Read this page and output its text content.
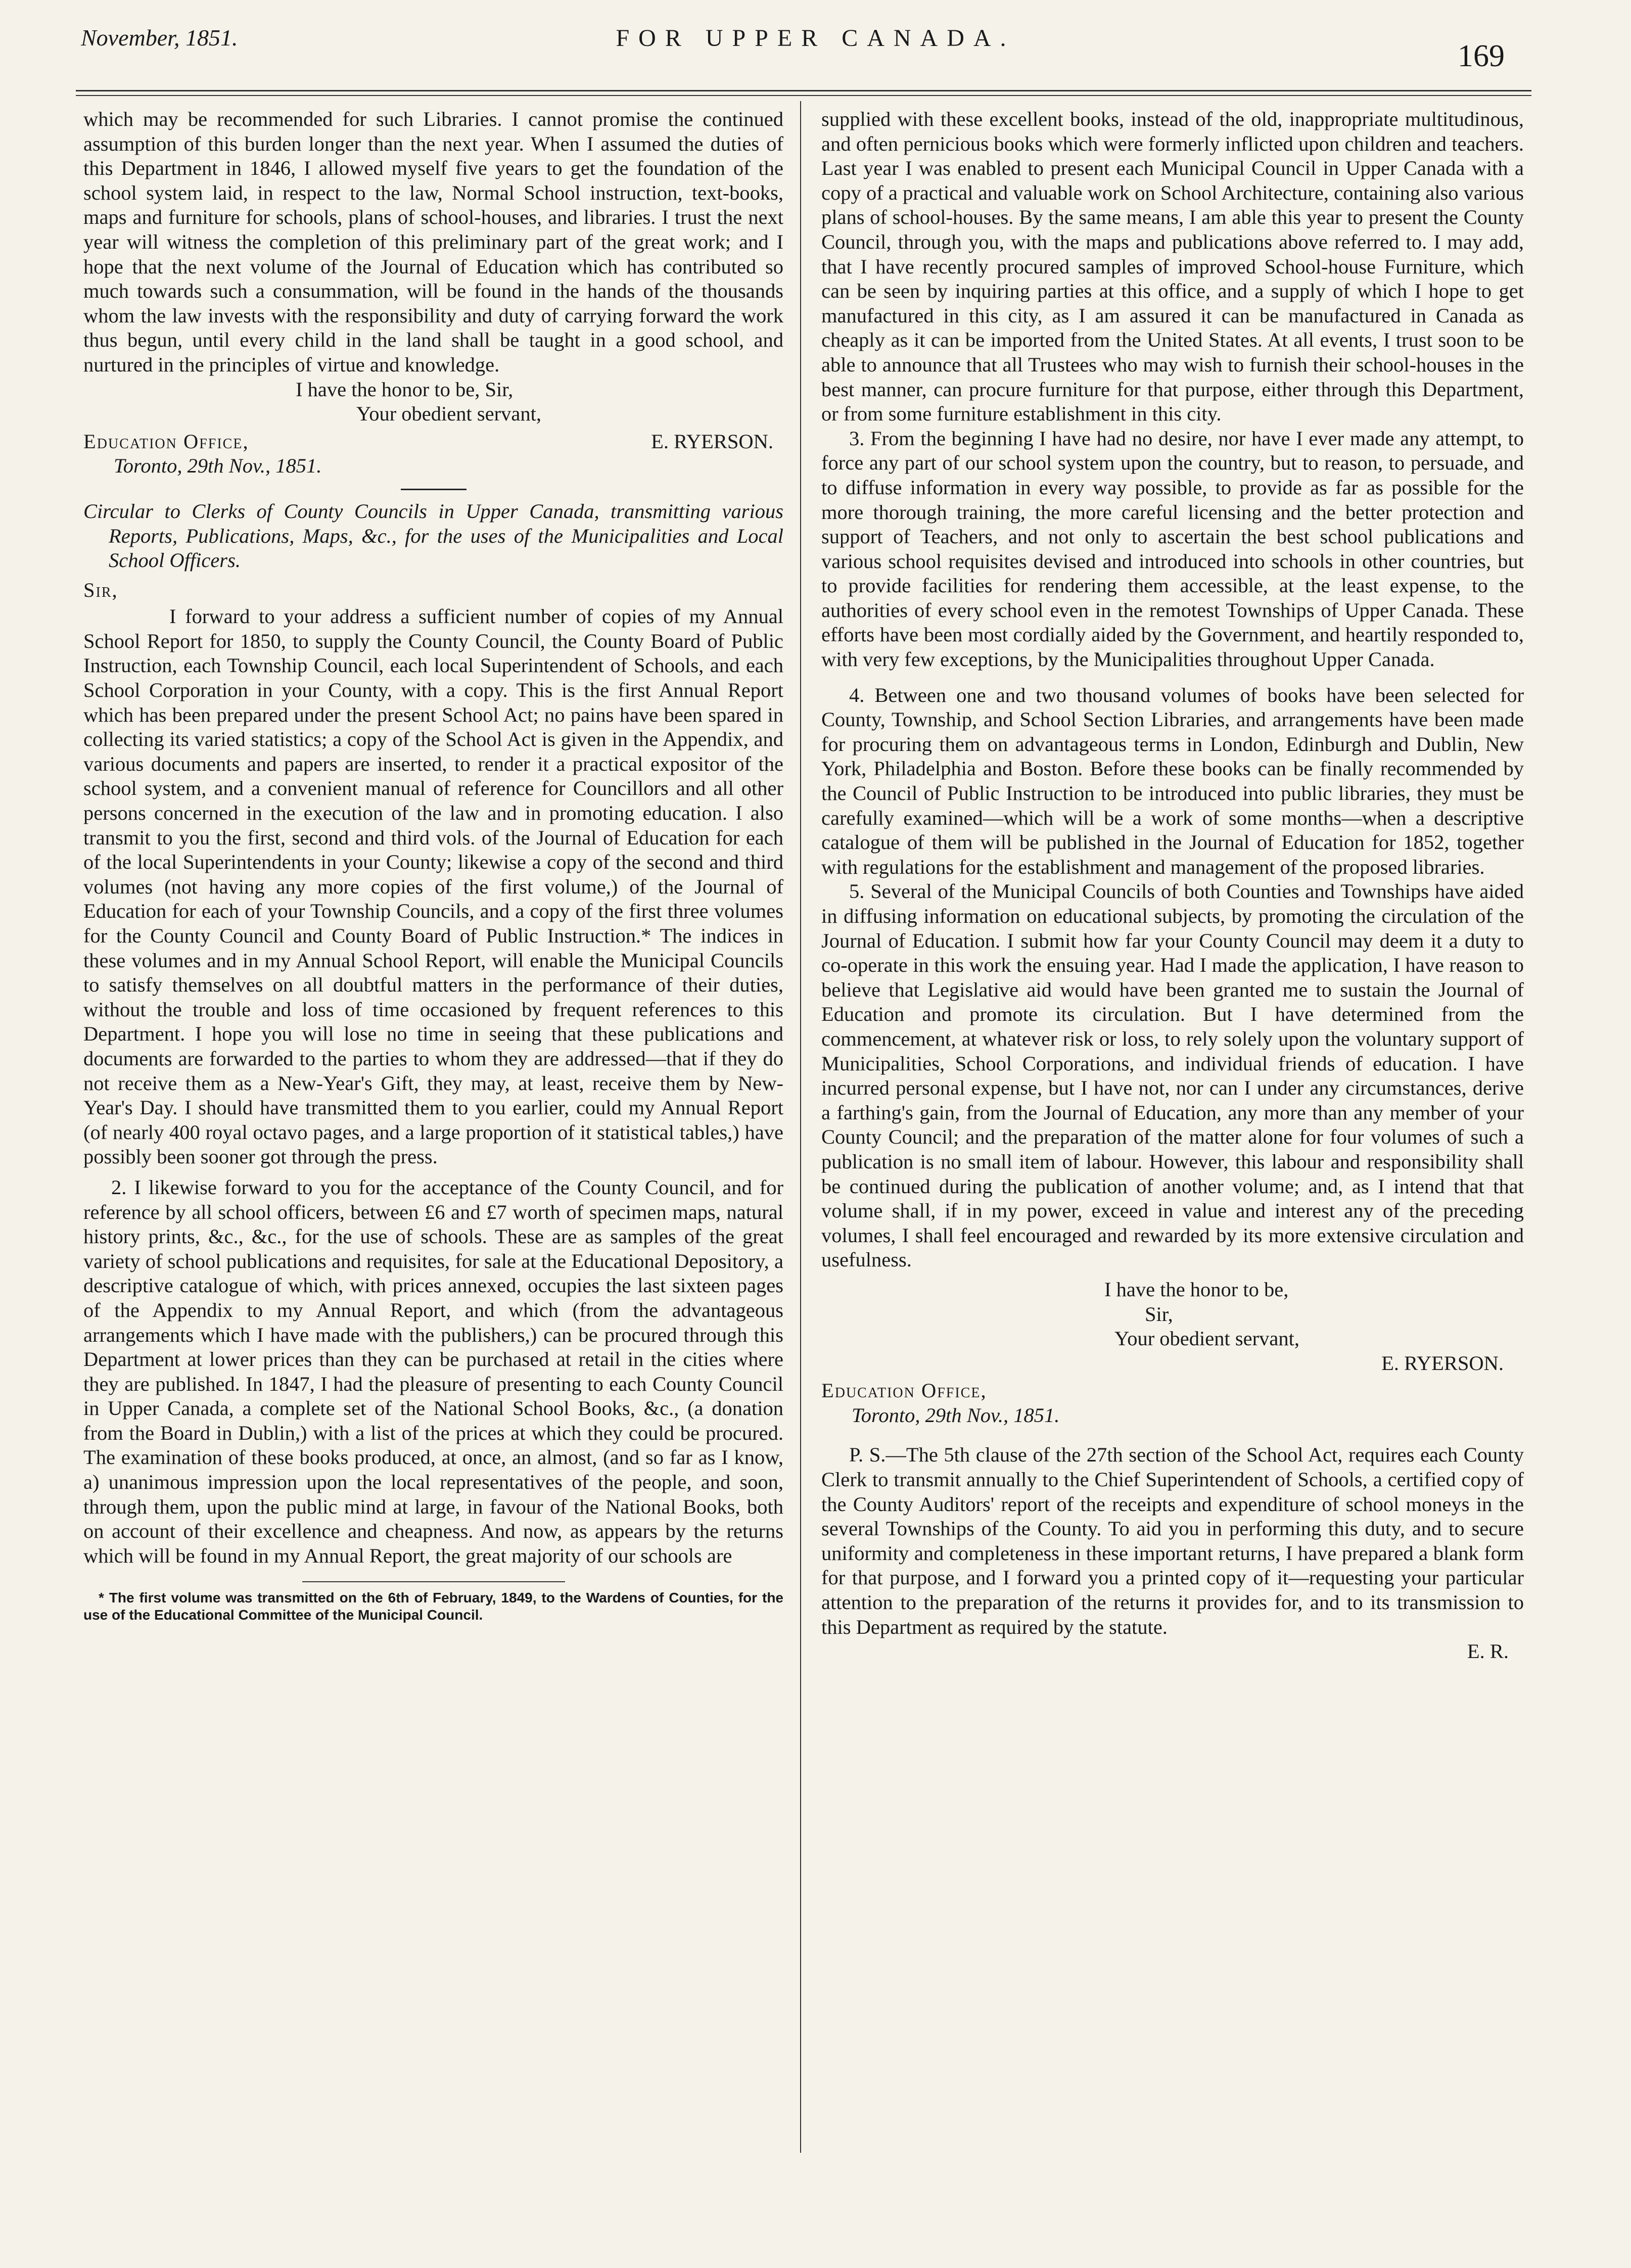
November, 1851.	FOR UPPER CANADA.
169

which may be recommended for such Libraries. I cannot promise the continued assumption of this burden longer than the next year. When I assumed the duties of this Department in 1846, I allowed myself five years to get the foundation of the school system laid, in respect to the law, Normal School instruction, text-books, maps and furniture for schools, plans of school-houses, and libraries. I trust the next year will witness the completion of this preliminary part of the great work; and I hope that the next volume of the Journal of Education which has contributed so much towards such a consummation, will be found in the hands of the thousands whom the law invests with the responsibility and duty of carrying forward the work thus begun, until every child in the land shall be taught in a good school, and nurtured in the principles of virtue and knowledge.

I have the honor to be, Sir,
Your obedient servant,
Education Office,	E. RYERSON.

Toronto, 29th Nov., 1851.

Circular to Clerks of County Councils in Upper Canada, transmitting various Reports, Publications, Maps, &c., for the uses of the Municipalities and Local School Officers.

Sir,

I forward to your address a sufficient number of copies of my Annual School Report for 1850, to supply the County Council, the County Board of Public Instruction, each Township Council, each local Superintendent of Schools, and each School Corporation in your County, with a copy. This is the first Annual Report which has been prepared under the present School Act; no pains have been spared in collecting its varied statistics; a copy of the School Act is given in the Appendix, and various documents and papers are inserted, to render it a practical expositor of the school system, and a convenient manual of reference for Councillors and all other persons concerned in the execution of the law and in promoting education. I also transmit to you the first, second and third vols. of the Journal of Education for each of the local Superintendents in your County; likewise a copy of the second and third volumes (not having any more copies of the first volume,) of the Journal of Education for each of your Township Councils, and a copy of the first three volumes for the County Council and County Board of Public Instruction.* The indices in these volumes and in my Annual School Report, will enable the Municipal Councils to satisfy themselves on all doubtful matters in the performance of their duties, without the trouble and loss of time occasioned by frequent references to this Department. I hope you will lose no time in seeing that these publications and documents are forwarded to the parties to whom they are addressed—that if they do not receive them as a New-Year's Gift, they may, at least, receive them by New-Year's Day. I should have transmitted them to you earlier, could my Annual Report (of nearly 400 royal octavo pages, and a large proportion of it statistical tables,) have possibly been sooner got through the press.

2. I likewise forward to you for the acceptance of the County Council, and for reference by all school officers, between £6 and £7 worth of specimen maps, natural history prints, &c., &c., for the use of schools. These are as samples of the great variety of school publications and requisites, for sale at the Educational Depository, a descriptive catalogue of which, with prices annexed, occupies the last sixteen pages of the Appendix to my Annual Report, and which (from the advantageous arrangements which I have made with the publishers,) can be procured through this Department at lower prices than they can be purchased at retail in the cities where they are published. In 1847, I had the pleasure of presenting to each County Council in Upper Canada, a complete set of the National School Books, &c., (a donation from the Board in Dublin,) with a list of the prices at which they could be procured. The examination of these books produced, at once, an almost, (and so far as I know, a) unanimous impression upon the local representatives of the people, and soon, through them, upon the public mind at large, in favour of the National Books, both on account of their excellence and cheapness. And now, as appears by the returns which will be found in my Annual Report, the great majority of our schools are

* The first volume was transmitted on the 6th of February, 1849, to the Wardens of Counties, for the use of the Educational Committee of the Municipal Council.

supplied with these excellent books, instead of the old, inappropriate multitudinous, and often pernicious books which were formerly inflicted upon children and teachers. Last year I was enabled to present each Municipal Council in Upper Canada with a copy of a practical and valuable work on School Architecture, containing also various plans of school-houses. By the same means, I am able this year to present the County Council, through you, with the maps and publications above referred to. I may add, that I have recently procured samples of improved School-house Furniture, which can be seen by inquiring parties at this office, and a supply of which I hope to get manufactured in this city, as I am assured it can be manufactured in Canada as cheaply as it can be imported from the United States. At all events, I trust soon to be able to announce that all Trustees who may wish to furnish their school-houses in the best manner, can procure furniture for that purpose, either through this Department, or from some furniture establishment in this city.

3. From the beginning I have had no desire, nor have I ever made any attempt, to force any part of our school system upon the country, but to reason, to persuade, and to diffuse information in every way possible, to provide as far as possible for the more thorough training, the more careful licensing and the better protection and support of Teachers, and not only to ascertain the best school publications and various school requisites devised and introduced into schools in other countries, but to provide facilities for rendering them accessible, at the least expense, to the authorities of every school even in the remotest Townships of Upper Canada. These efforts have been most cordially aided by the Government, and heartily responded to, with very few exceptions, by the Municipalities throughout Upper Canada.

4. Between one and two thousand volumes of books have been selected for County, Township, and School Section Libraries, and arrangements have been made for procuring them on advantageous terms in London, Edinburgh and Dublin, New York, Philadelphia and Boston. Before these books can be finally recommended by the Council of Public Instruction to be introduced into public libraries, they must be carefully examined—which will be a work of some months—when a descriptive catalogue of them will be published in the Journal of Education for 1852, together with regulations for the establishment and management of the proposed libraries.

5. Several of the Municipal Councils of both Counties and Townships have aided in diffusing information on educational subjects, by promoting the circulation of the Journal of Education. I submit how far your County Council may deem it a duty to co-operate in this work the ensuing year. Had I made the application, I have reason to believe that Legislative aid would have been granted me to sustain the Journal of Education and promote its circulation. But I have determined from the commencement, at whatever risk or loss, to rely solely upon the voluntary support of Municipalities, School Corporations, and individual friends of education. I have incurred personal expense, but I have not, nor can I under any circumstances, derive a farthing's gain, from the Journal of Education, any more than any member of your County Council; and the preparation of the matter alone for four volumes of such a publication is no small item of labour. However, this labour and responsibility shall be continued during the publication of another volume; and, as I intend that that volume shall, if in my power, exceed in value and interest any of the preceding volumes, I shall feel encouraged and rewarded by its more extensive circulation and usefulness.

I have the honor to be,
Sir,
Your obedient servant,
E. RYERSON.
Education Office,
Toronto, 29th Nov., 1851.

P. S.—The 5th clause of the 27th section of the School Act, requires each County Clerk to transmit annually to the Chief Superintendent of Schools, a certified copy of the County Auditors' report of the receipts and expenditure of school moneys in the several Townships of the County. To aid you in performing this duty, and to secure uniformity and completeness in these important returns, I have prepared a blank form for that purpose, and I forward you a printed copy of it—requesting your particular attention to the preparation of the returns it provides for, and to its transmission to this Department as required by the statute.

E. R.
